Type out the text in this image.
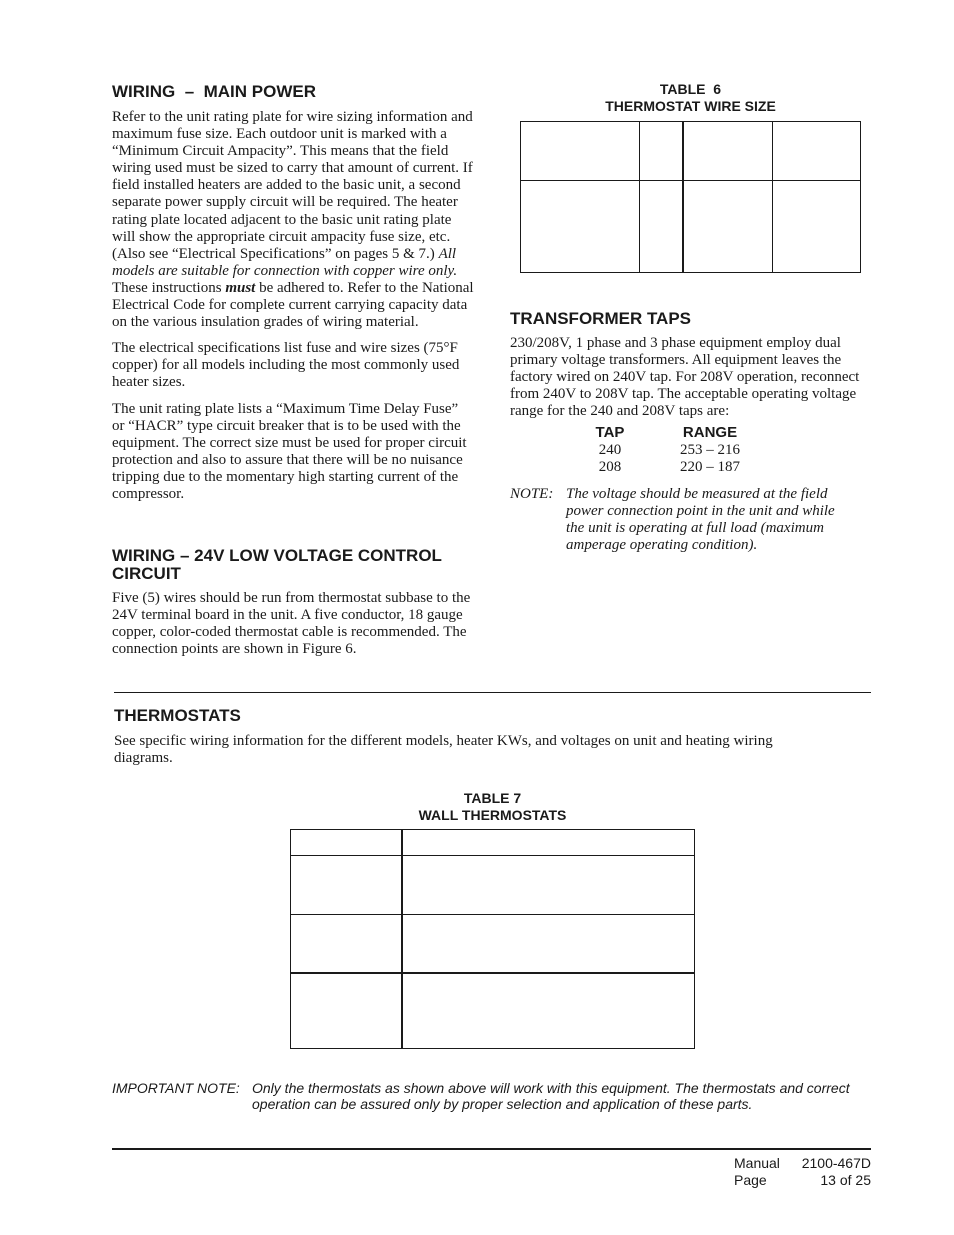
WIRING  –  MAIN POWER

Refer to the unit rating plate for wire sizing information and maximum fuse size. Each outdoor unit is marked with a “Minimum Circuit Ampacity”. This means that the field wiring used must be sized to carry that amount of current. If field installed heaters are added to the basic unit, a second separate power supply circuit will be required. The heater rating plate located adjacent to the basic unit rating plate will show the appropriate circuit ampacity fuse size, etc. (Also see “Electrical Specifications” on pages 5 & 7.) All models are suitable for connection with copper wire only. These instructions must be adhered to. Refer to the National Electrical Code for complete current carrying capacity data on the various insulation grades of wiring material.

The electrical specifications list fuse and wire sizes (75°F copper) for all models including the most commonly used heater sizes.

The unit rating plate lists a “Maximum Time Delay Fuse” or “HACR” type circuit breaker that is to be used with the equipment. The correct size must be used for proper circuit protection and also to assure that there will be no nuisance tripping due to the momentary high starting current of the compressor.

WIRING – 24V LOW VOLTAGE CONTROL CIRCUIT

Five (5) wires should be run from thermostat subbase to the 24V terminal board in the unit. A five conductor, 18 gauge copper, color-coded thermostat cable is recommended. The connection points are shown in Figure 6.

TABLE  6
THERMOSTAT WIRE SIZE
TRANSFORMER TAPS

230/208V, 1 phase and 3 phase equipment employ dual primary voltage transformers. All equipment leaves the factory wired on 240V tap. For 208V operation, reconnect from 240V to 208V tap. The acceptable operating voltage range for the 240 and 208V taps are:

TAP	RANGE
240	253 – 216
208	220 – 187
NOTE: The voltage should be measured at the field power connection point in the unit and while the unit is operating at full load (maximum amperage operating condition).
THERMOSTATS

See specific wiring information for the different models, heater KWs, and voltages on unit and heating wiring diagrams.

TABLE 7
WALL THERMOSTATS
IMPORTANT NOTE: Only the thermostats as shown above will work with this equipment. The thermostats and correct operation can be assured only by proper selection and application of these parts.
Manual	2100-467D
Page	13 of 25
